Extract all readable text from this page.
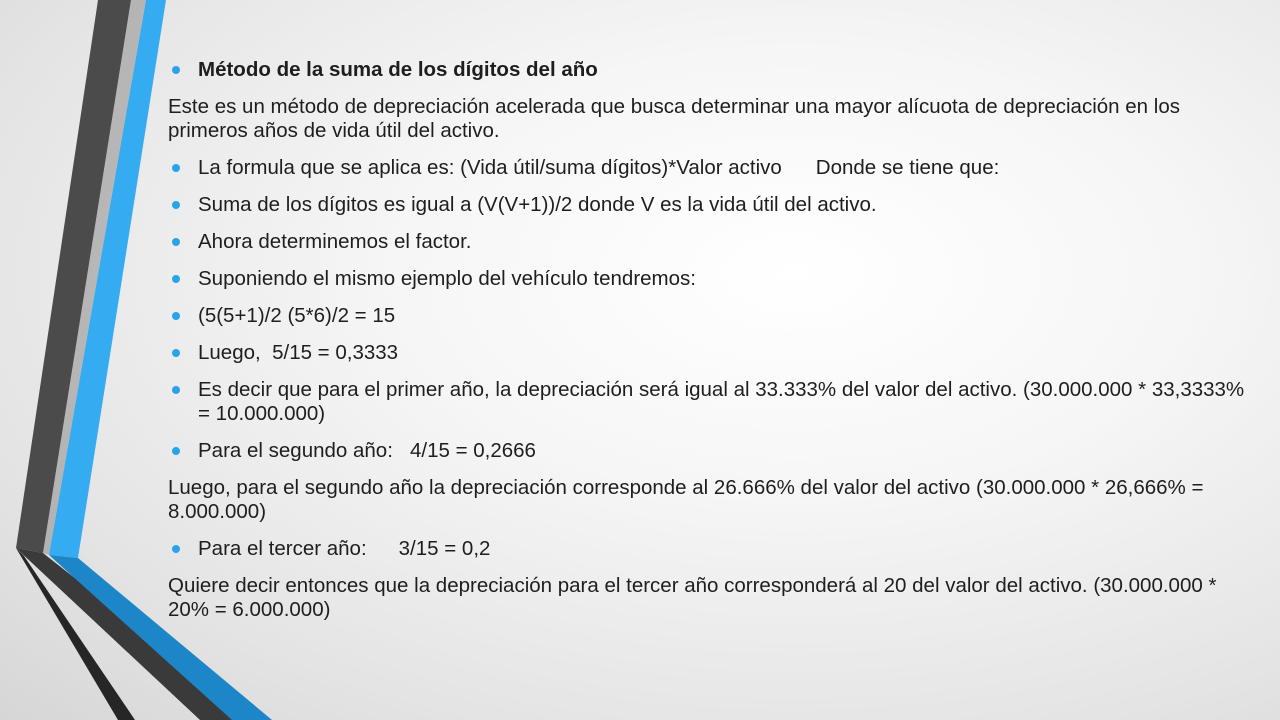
Método de la suma de los dígitos del año
Este es un método de depreciación acelerada que busca determinar una mayor alícuota de depreciación en los primeros años de vida útil del activo.
La formula que se aplica es: (Vida útil/suma dígitos)*Valor activo Donde se tiene que:
Suma de los dígitos es igual a (V(V+1))/2 donde V es la vida útil del activo.
Ahora determinemos el factor.
Suponiendo el mismo ejemplo del vehículo tendremos:
(5(5+1)/2 (5*6)/2 = 15
Luego,  5/15 = 0,3333
Es decir que para el primer año, la depreciación será igual al 33.333% del valor del activo. (30.000.000 * 33,3333% = 10.000.000)
Para el segundo año:   4/15 = 0,2666
Luego, para el segundo año la depreciación corresponde al 26.666% del valor del activo (30.000.000 * 26,666% = 8.000.000)
Para el tercer año: 3/15 = 0,2
Quiere decir entonces que la depreciación para el tercer año corresponderá al 20 del valor del activo. (30.000.000 * 20% = 6.000.000)
